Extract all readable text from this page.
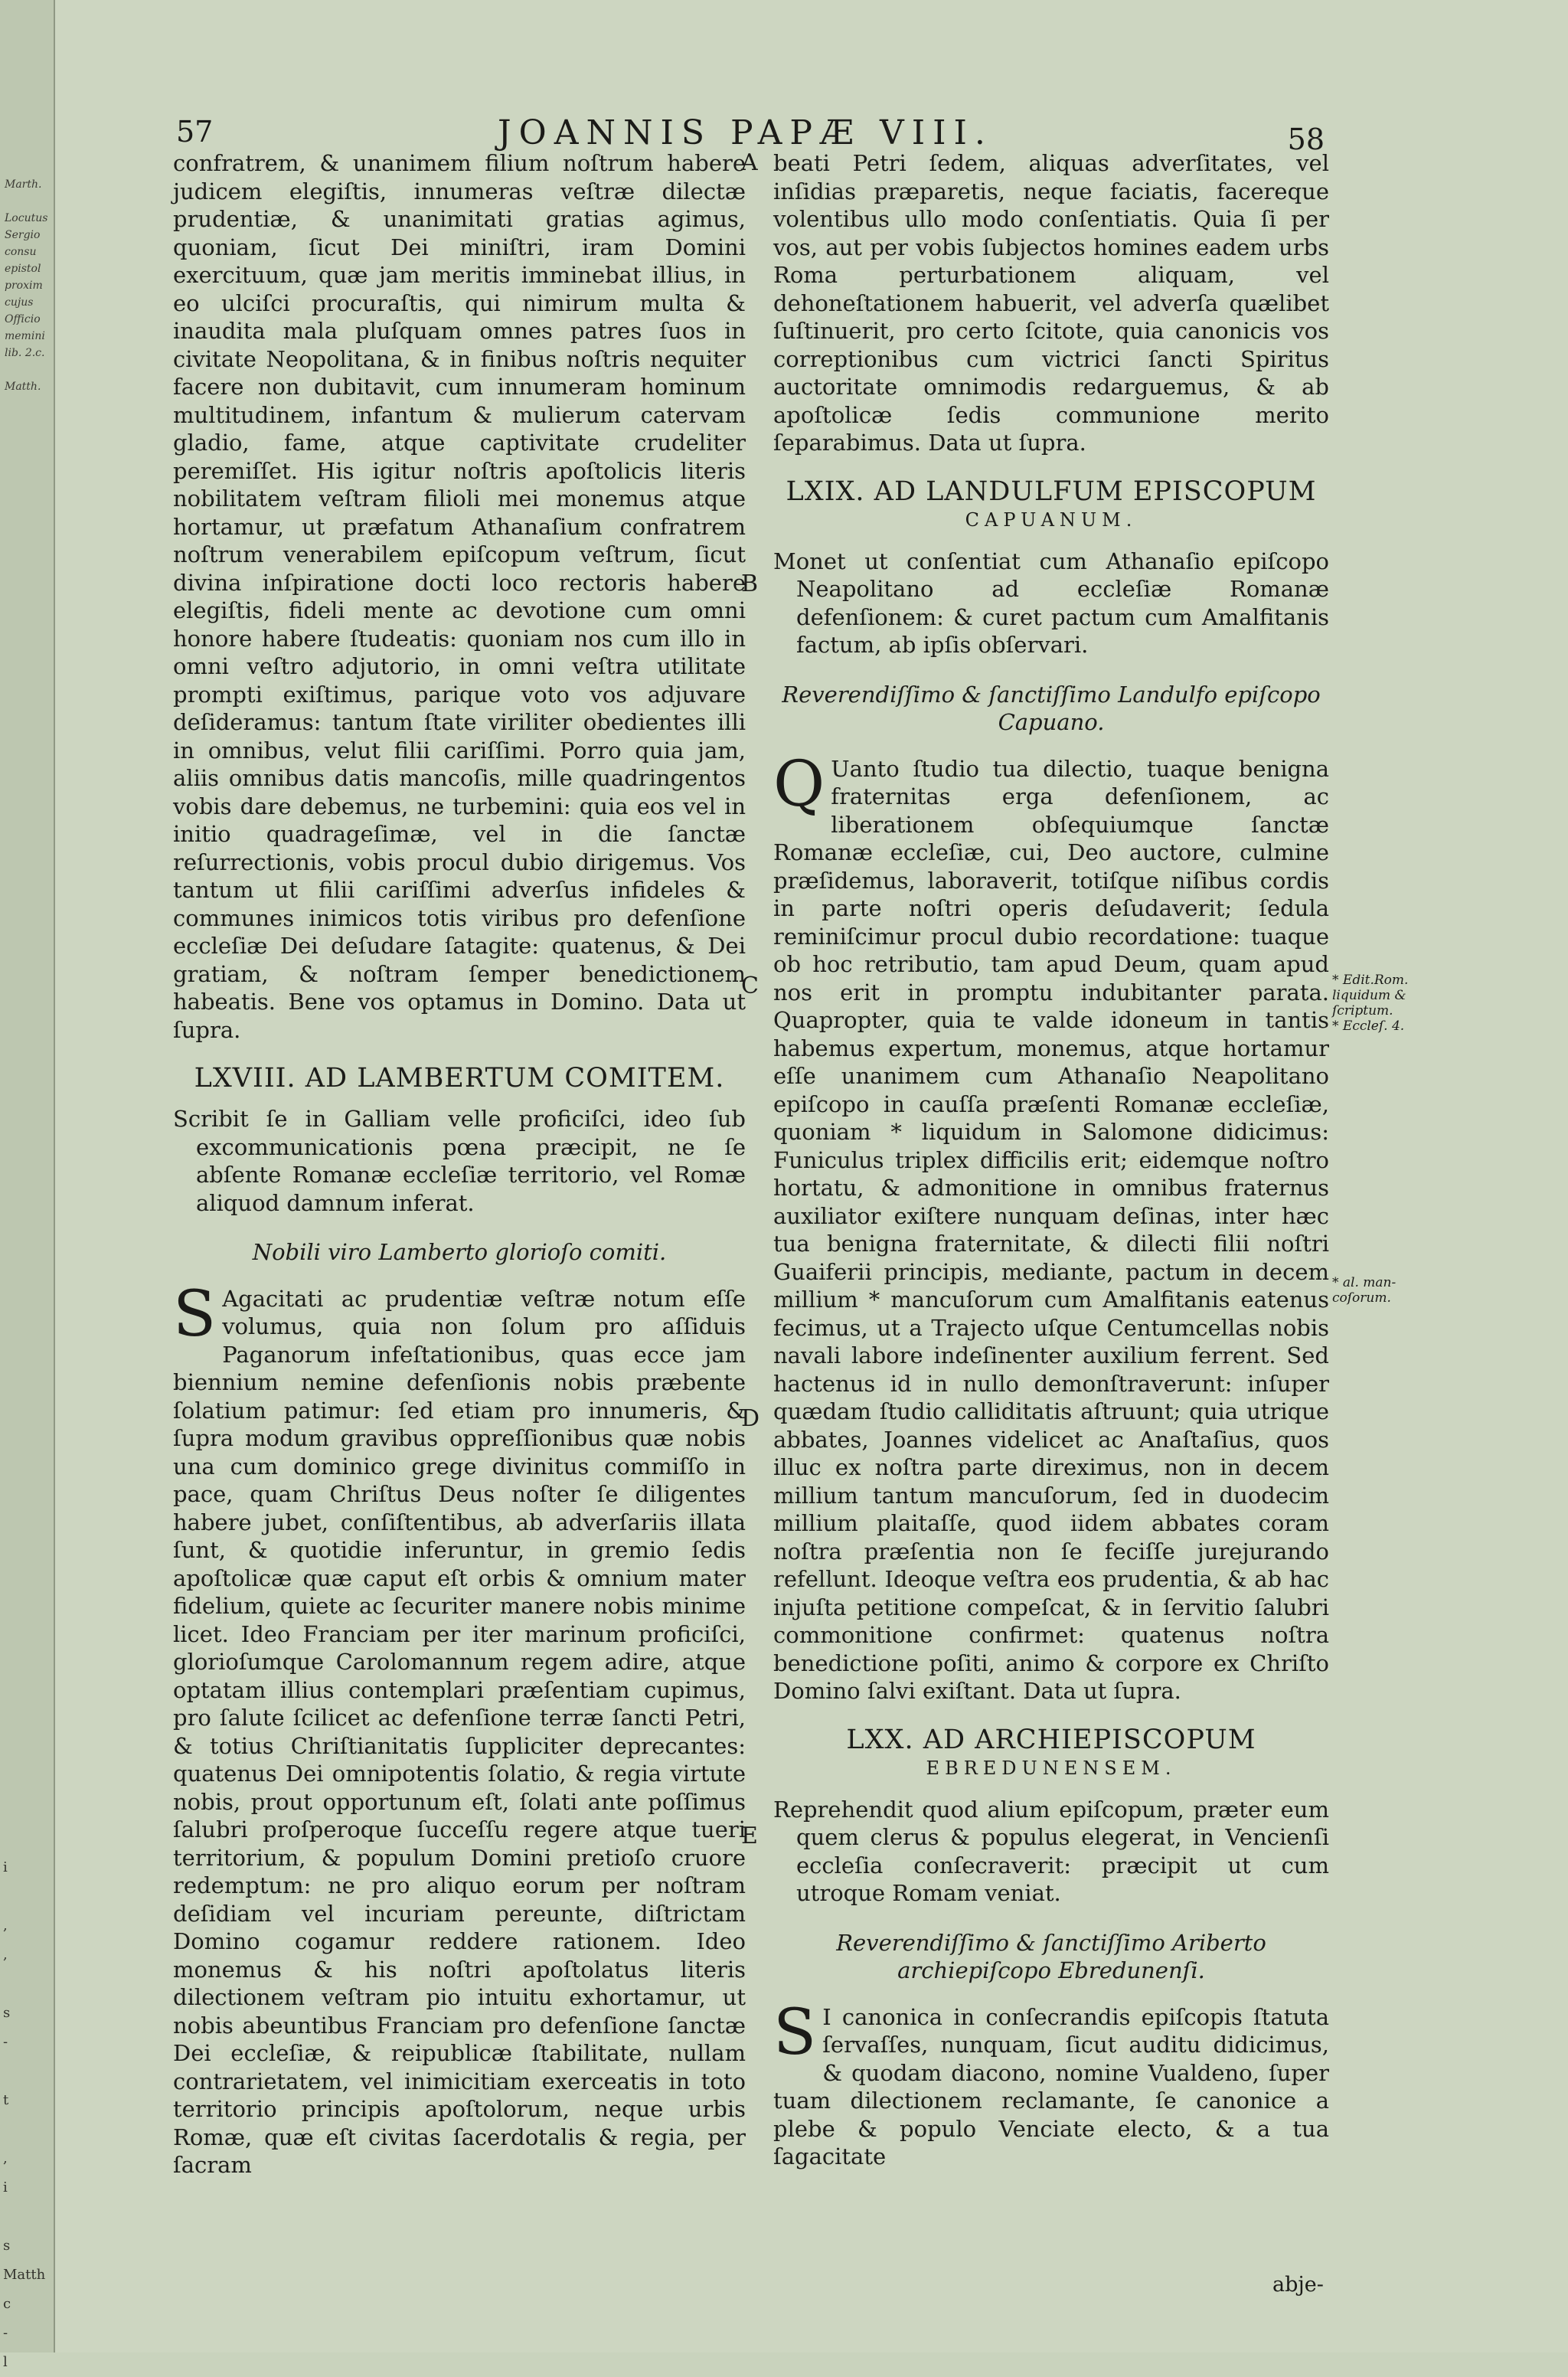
Marth.

Locutus
Sergio
consu
epistol
proxim
cujus
Officio
memini
lib. 2.c.

Matth.
i

,
,

s
-

t

,
i

s Matth
c
-
l
57	JOANNIS PAPÆ VIII.	58
A
B
C
D
E

confratrem, & unanimem filium noſtrum habere judicem elegiſtis, innumeras veſtræ dilectæ prudentiæ, & unanimitati gratias agimus, quoniam, ſicut Dei miniſtri, iram Domini exercituum, quæ jam meritis imminebat illius, in eo ulciſci procuraſtis, qui nimirum multa & inaudita mala pluſquam omnes patres ſuos in civitate Neopolitana, & in finibus noſtris nequiter facere non dubitavit, cum innumeram hominum multitudinem, infantum & mulierum catervam gladio, fame, atque captivitate crudeliter peremiſſet. His igitur noſtris apoſtolicis literis nobilitatem veſtram filioli mei monemus atque hortamur, ut præfatum Athanaſium confratrem noſtrum venerabilem epiſcopum veſtrum, ſicut divina inſpiratione docti loco rectoris habere elegiſtis, fideli mente ac devotione cum omni honore habere ſtudeatis: quoniam nos cum illo in omni veſtro adjutorio, in omni veſtra utilitate prompti exiſtimus, parique voto vos adjuvare deſideramus: tantum ſtate viriliter obedientes illi in omnibus, velut filii cariſſimi. Porro quia jam, aliis omnibus datis mancoſis, mille quadringentos vobis dare debemus, ne turbemini: quia eos vel in initio quadrageſimæ, vel in die ſanctæ reſurrectionis, vobis procul dubio dirigemus. Vos tantum ut filii cariſſimi adverſus infideles & communes inimicos totis viribus pro defenſione eccleſiæ Dei deſudare ſatagite: quatenus, & Dei gratiam, & noſtram ſemper benedictionem habeatis. Bene vos optamus in Domino. Data ut ſupra.

LXVIII. AD LAMBERTUM COMITEM.

Scribit ſe in Galliam velle proficiſci, ideo ſub excommunicationis pœna præcipit, ne ſe abſente Romanæ eccleſiæ territorio, vel Romæ aliquod damnum inferat.

Nobili viro Lamberto glorioſo comiti.

S Agacitati ac prudentiæ veſtræ notum eſſe volumus, quia non ſolum pro aſſiduis Paganorum infeſtationibus, quas ecce jam biennium nemine defenſionis nobis præbente ſolatium patimur: ſed etiam pro innumeris, & ſupra modum gravibus oppreſſionibus quæ nobis una cum dominico grege divinitus commiſſo in pace, quam Chriſtus Deus noſter ſe diligentes habere jubet, conſiſtentibus, ab adverſariis illata ſunt, & quotidie inferuntur, in gremio ſedis apoſtolicæ quæ caput eſt orbis & omnium mater fidelium, quiete ac ſecuriter manere nobis minime licet. Ideo Franciam per iter marinum proficiſci, glorioſumque Carolomannum regem adire, atque optatam illius contemplari præſentiam cupimus, pro ſalute ſcilicet ac defenſione terræ ſancti Petri, & totius Chriſtianitatis ſuppliciter deprecantes: quatenus Dei omnipotentis ſolatio, & regia virtute nobis, prout opportunum eſt, ſolati ante poſſimus ſalubri proſperoque ſucceſſu regere atque tueri territorium, & populum Domini pretioſo cruore redemptum: ne pro aliquo eorum per noſtram deſidiam vel incuriam pereunte, diſtrictam Domino cogamur reddere rationem. Ideo monemus & his noſtri apoſtolatus literis dilectionem veſtram pio intuitu exhortamur, ut nobis abeuntibus Franciam pro defenſione ſanctæ Dei eccleſiæ, & reipublicæ ſtabilitate, nullam contrarietatem, vel inimicitiam exerceatis in toto territorio principis apoſtolorum, neque urbis Romæ, quæ eſt civitas ſacerdotalis & regia, per ſacram

beati Petri ſedem, aliquas adverſitates, vel inſidias præparetis, neque faciatis, facereque volentibus ullo modo conſentiatis. Quia ſi per vos, aut per vobis ſubjectos homines eadem urbs Roma perturbationem aliquam, vel dehoneſtationem habuerit, vel adverſa quælibet ſuſtinuerit, pro certo ſcitote, quia canonicis vos correptionibus cum victrici ſancti Spiritus auctoritate omnimodis redarguemus, & ab apoſtolicæ ſedis communione merito ſeparabimus. Data ut ſupra.

LXIX. AD LANDULFUM EPISCOPUM
CAPUANUM.

Monet ut conſentiat cum Athanaſio epiſcopo Neapolitano ad eccleſiæ Romanæ defenſionem: & curet pactum cum Amalfitanis factum, ab ipſis obſervari.

Reverendiſſimo & ſanctiſſimo Landulfo epiſcopo Capuano.

Q Uanto ſtudio tua dilectio, tuaque benigna fraternitas erga defenſionem, ac liberationem obſequiumque ſanctæ Romanæ eccleſiæ, cui, Deo auctore, culmine præſidemus, laboraverit, totiſque niſibus cordis in parte noſtri operis deſudaverit; ſedula reminiſcimur procul dubio recordatione: tuaque ob hoc retributio, tam apud Deum, quam apud nos erit in promptu indubitanter parata. Quapropter, quia te valde idoneum in tantis habemus expertum, monemus, atque hortamur eſſe unanimem cum Athanaſio Neapolitano epiſcopo in cauſſa præſenti Romanæ eccleſiæ, quoniam * liquidum in Salomone didicimus: Funiculus triplex difficilis erit; eidemque noſtro hortatu, & admonitione in omnibus fraternus auxiliator exiſtere nunquam deſinas, inter hæc tua benigna fraternitate, & dilecti filii noſtri Guaiferii principis, mediante, pactum in decem millium * mancuſorum cum Amalfitanis eatenus fecimus, ut a Trajecto uſque Centumcellas nobis navali labore indeſinenter auxilium ferrent. Sed hactenus id in nullo demonſtraverunt: inſuper quædam ſtudio calliditatis aſtruunt; quia utrique abbates, Joannes videlicet ac Anaſtaſius, quos illuc ex noſtra parte direximus, non in decem millium tantum mancuſorum, ſed in duodecim millium plaitaſſe, quod iidem abbates coram noſtra præſentia non ſe feciſſe jurejurando refellunt. Ideoque veſtra eos prudentia, & ab hac injuſta petitione compeſcat, & in ſervitio ſalubri commonitione confirmet: quatenus noſtra benedictione poſiti, animo & corpore ex Chriſto Domino ſalvi exiſtant. Data ut ſupra.

LXX. AD ARCHIEPISCOPUM
EBREDUNENSEM.

Reprehendit quod alium epiſcopum, præter eum quem clerus & populus elegerat, in Vencienſi eccleſia conſecraverit: præcipit ut cum utroque Romam veniat.

Reverendiſſimo & ſanctiſſimo Ariberto archiepiſcopo Ebredunenſi.

S I canonica in conſecrandis epiſcopis ſtatuta ſervaſſes, nunquam, ſicut auditu didicimus, & quodam diacono, nomine Vualdeno, ſuper tuam dilectionem reclamante, ſe canonice a plebe & populo Venciate electo, & a tua ſagacitate

* Edit.Rom.
liquidum &
ſcriptum.
* Eccleſ. 4.
* al. man-
coſorum.
abje-
